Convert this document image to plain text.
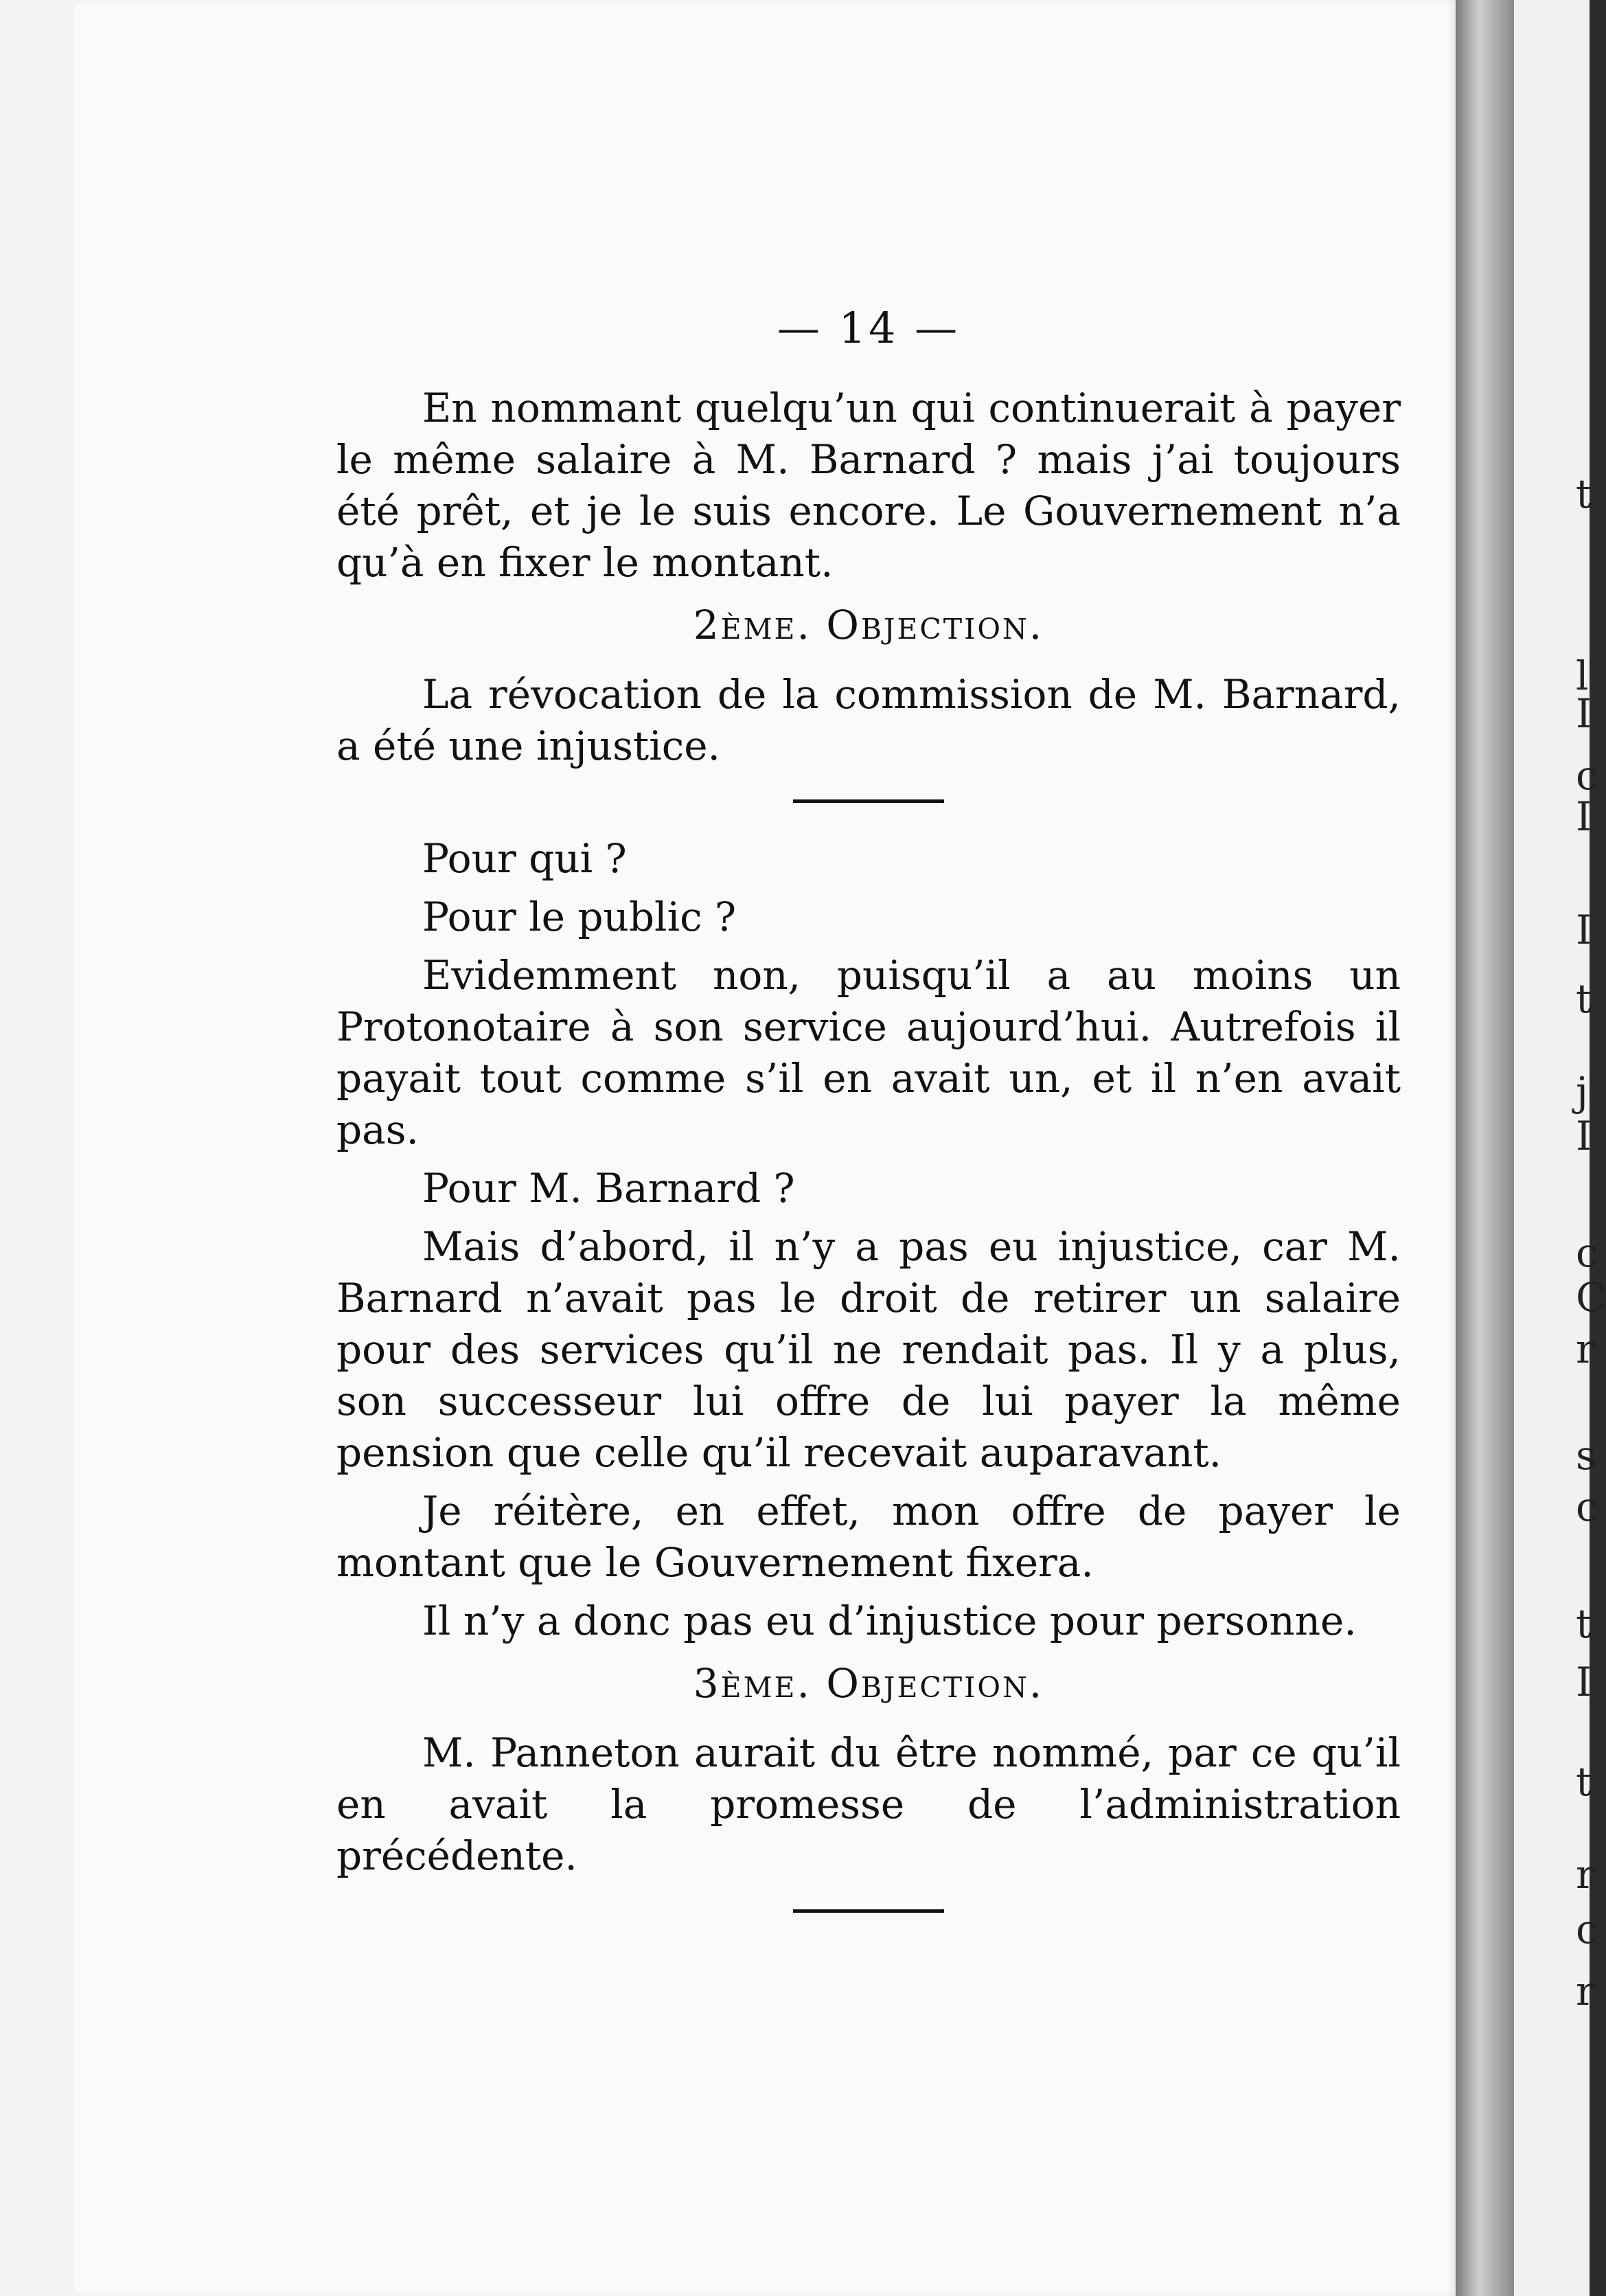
t
l
I
c
I
I
t
j
I
c
C
r
s
c
t
I
t
r
c
r
— 14 —

En nommant quelqu’un qui continuerait à payer le même salaire à M. Barnard ? mais j’ai toujours été prêt, et je le suis encore. Le Gouvernement n’a qu’à en fixer le montant.

2ème. Objection.

La révocation de la commission de M. Barnard, a été une injustice.

Pour qui ?

Pour le public ?

Evidemment non, puisqu’il a au moins un Protonotaire à son service aujourd’hui. Autrefois il payait tout comme s’il en avait un, et il n’en avait pas.

Pour M. Barnard ?

Mais d’abord, il n’y a pas eu injustice, car M. Barnard n’avait pas le droit de retirer un salaire pour des services qu’il ne rendait pas. Il y a plus, son successeur lui offre de lui payer la même pension que celle qu’il recevait auparavant.

Je réitère, en effet, mon offre de payer le montant que le Gouvernement fixera.

Il n’y a donc pas eu d’injustice pour personne.

3ème. Objection.

M. Panneton aurait du être nommé, par ce qu’il en avait la promesse de l’administration précédente.
